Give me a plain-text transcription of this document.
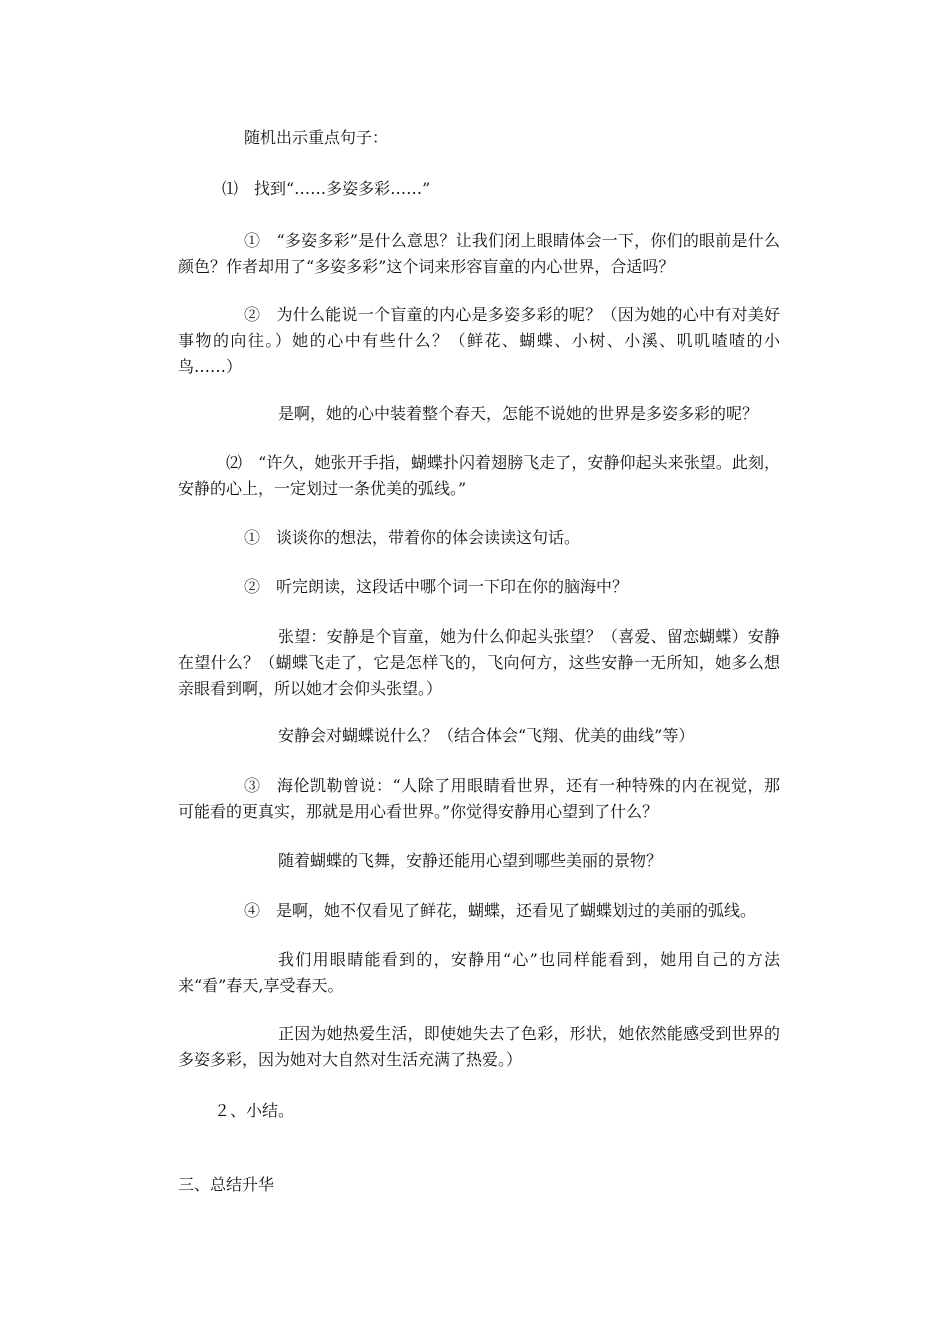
随机出示重点句子：

⑴　找到“……多姿多彩……”

①　“多姿多彩”是什么意思？让我们闭上眼睛体会一下，你们的眼前是什么颜色？作者却用了“多姿多彩”这个词来形容盲童的内心世界，合适吗？

②　为什么能说一个盲童的内心是多姿多彩的呢？（因为她的心中有对美好事物的向往。）她的心中有些什么？（鲜花、蝴蝶、小树、小溪、叽叽喳喳的小鸟……）

是啊，她的心中装着整个春天，怎能不说她的世界是多姿多彩的呢？

⑵　“许久，她张开手指，蝴蝶扑闪着翅膀飞走了，安静仰起头来张望。此刻，安静的心上，一定划过一条优美的弧线。”

①　谈谈你的想法，带着你的体会读读这句话。

②　听完朗读，这段话中哪个词一下印在你的脑海中？

张望：安静是个盲童，她为什么仰起头张望？（喜爱、留恋蝴蝶）安静在望什么？（蝴蝶飞走了，它是怎样飞的，飞向何方，这些安静一无所知，她多么想亲眼看到啊，所以她才会仰头张望。）

安静会对蝴蝶说什么？（结合体会“飞翔、优美的曲线”等）

③　海伦凯勒曾说：“人除了用眼睛看世界，还有一种特殊的内在视觉，那可能看的更真实，那就是用心看世界。”你觉得安静用心望到了什么？

随着蝴蝶的飞舞，安静还能用心望到哪些美丽的景物？

④　是啊，她不仅看见了鲜花，蝴蝶，还看见了蝴蝶划过的美丽的弧线。

我们用眼睛能看到的，安静用“心”也同样能看到，她用自己的方法来“看”春天,享受春天。

正因为她热爱生活，即使她失去了色彩，形状，她依然能感受到世界的多姿多彩，因为她对大自然对生活充满了热爱。）

２、小结。

三、总结升华
